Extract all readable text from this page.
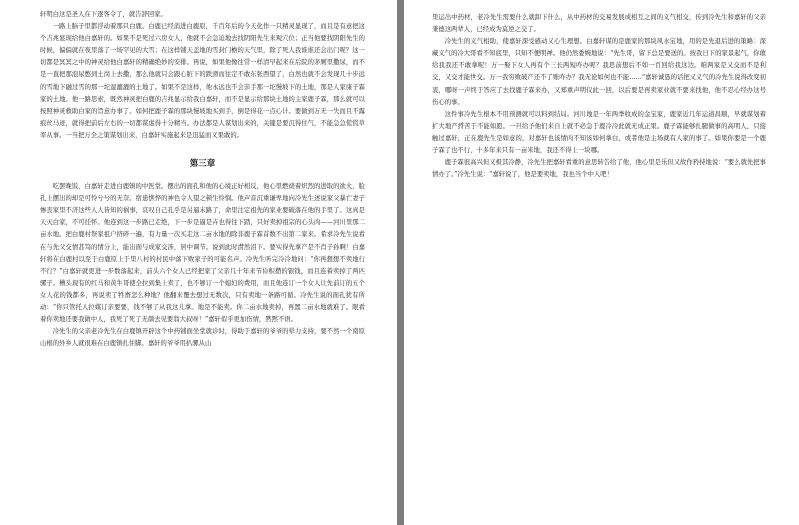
轩明白这是圣人在下逐客令了，就告辞回家。

一路上脑子里都浮动着那只白鹿。白鹿已经消进白鹿原，千百年后的今天化作一只精灵显现了，而且是有意把这个吉兆显现给他白嘉轩的。如果不是死过六房女人，他就不会急迫地去找阴阳先生来观穴位；正当他要找阴阳先生的时候，偏偏就在夜里落了一场罕见的大雪；在这样铺天盖地的雪封门檐的天气里，除了死人我谁谁还会出门呢？这一切都是冥冥之中的神灵给他白嘉轩的精确绝妙的安排。再说，如果他像往常一样清早起来在后院的茅厕里撒尿，而不是一直把那泡尿憋到土岗上去撒，那么他就只会跟心脏下的跌滑而往定不敢东张西望了，白然也就不会发现几十步远的雪地下融过雪的那一坨湿漉漉的土地了。如果不是这样，他永远也不会亲手那一坨慢坡下的土地，那是人家康子霖家的土地。他一路思索，既然神灵把白鹿的吉兆显示给我白嘉轩，而不是显示给那块土地的主家鹿子霖，那么就可以按照神灵救助白家的旨意办事了。如何把鹿子霖的那块慢坡地买到手，倒是得花一点心计。要做到万无一失而且不露痕丝马迹，就得把前后左右的一切都谋虑得十分精当。办法都是人谋划出来的，关键是要沉得住气，不能急急慌慌草率从事。一当把万全之策谋划出来，白嘉轩实施起来是迅猛而又果敢的。

第三章

吃罢晚饭，白嘉轩走进白鹿镇的中医堂。摆出的面孔和他的心境正好相反，他心里燃烧着炽烈的进取的欲火，脸孔上摆出的却是可怜兮兮的无奈。宿患憔悴的神色令人望之顿生怜悯。他声音沉重谦卑地向冷先生述说家父暴亡妻子惨丧家里不济这些人人皆知的祸事，哀叹自己孔乎是另逼末路了，命里注定祖先的家业要破落在他的手里了。这真是天灭白家，不可挂怀。他连到这一步路已走绝，下一步是逼是卉也得往下踏，只好卖掉祖宗的心头肉——河川里那二亩水地。把白鹿村祭家祖户挤碎一遍，有力量一次买走这二亩水地的除非鹿子霖首数不出第二家来。希求冷先生说看在与先父交情甚笃的情分上，能出面与成家交涉，居中调节。说到此时潸然泪下。要实得先拿产是不肖子孙啊！白嘉轩将在白鹿村以至于白鹿原上于里八村的村民中落下败家子的可能名声。冷先生听完冷冷地问：“你再想想不卖地行不行？”白嘉轩就更进一步数落起来，前头六个女人已经把家了父亲几十年来节俭积攒的银钱，而且连着卖掉了两匹骡子。槽头现有的红马和黄牛哥使全拉到集上卖了，也不够订一个媳妇的费用，而且他连订一个女人让先前订的五个女人花的钱都多，再说卖了牲畜怎么种地？他翻来覆去想过无数次，只有卖地一条路可循。冷先生说的面孔犹有所动：“你只管托人拉媒订亲要要，钱不够了从我这儿拿。地是不能卖。你二亩水地卖掉，再置二亩水地就难了。眼看着你卖地还要我做中人，我死了死了无颜去见要翁大叔呀！”嘉轩似乎更加伤情，黙黙不语。

冷先生的父亲老冷先生在白鹿镇开辟这个中药铺面坐堂就诊时，得助于嘉轩的爷爷的晕力支持，要不然一个南原山根的外乡人就很难在白鹿镇扎住脚。嘉轩的爷爷用扒骡从山

里运出中药材，老冷先生需要什么就卸下什么，从中药材的交易发展成相互之间的义气相交，传到冷先生和嘉轩的父亲秉德这两辈人，已经成为莫逆之交了。

冷先生的义气相助，使嘉轩深受感动又心生理想。白嘉轩谋的是鹿家的那块风水宝地，用的是先退后进的策略：深藏义气的冷大哥看不知底里，只知不便明禅。他仍然委婉地说：“先生哥，留下总是要送的。按我日下的家景起气，你敢给我我还不敢拿呢！万一娶下女人再有个三长两短咋办呢？我思前想后不如一百回给我这边。咱两家是又交而不是利交，又交才能世交。万一我穷败破产还不了账咋办？我无论如何也不能……”嘉轩诚恳的话把又义气的冷先生说得改变初衷，哪呀一声终于答应了去找鹿子霖来办，又郑重声明仅此一回，以后要是再卖家业就不要来找他，他不忍心经办这号伤心的事。

这件事冷先生根本不用预测就可以料到结局。河川地是一年两季收成的金宝家，鹿家近几年运道昌顺，早就谋划着扩大地产捋苦于不能如愿。一旦给予他们来自上就不必急于鹿冷冷此就无成正果。鹿子霖能够扎腿做事的高明人，只接触过嘉轩，正在鹿先生是如意的，对嘉轩也该情肉不知该如何拿白，或者他是主场就有人家的事了。如果你要是一个鹿子霖了也不行，十多年来只有一亩米地，我还不得上一块哪。

鹿子霖很高兴但又极其冷静，冷先生把嘉轩看重的意思转告给了他，他心里是乐但又故作矜持地说：“要么就先把事情办了。”冷先生说：“嘉轩说了，他是要卖地，我也当个中人吧！
